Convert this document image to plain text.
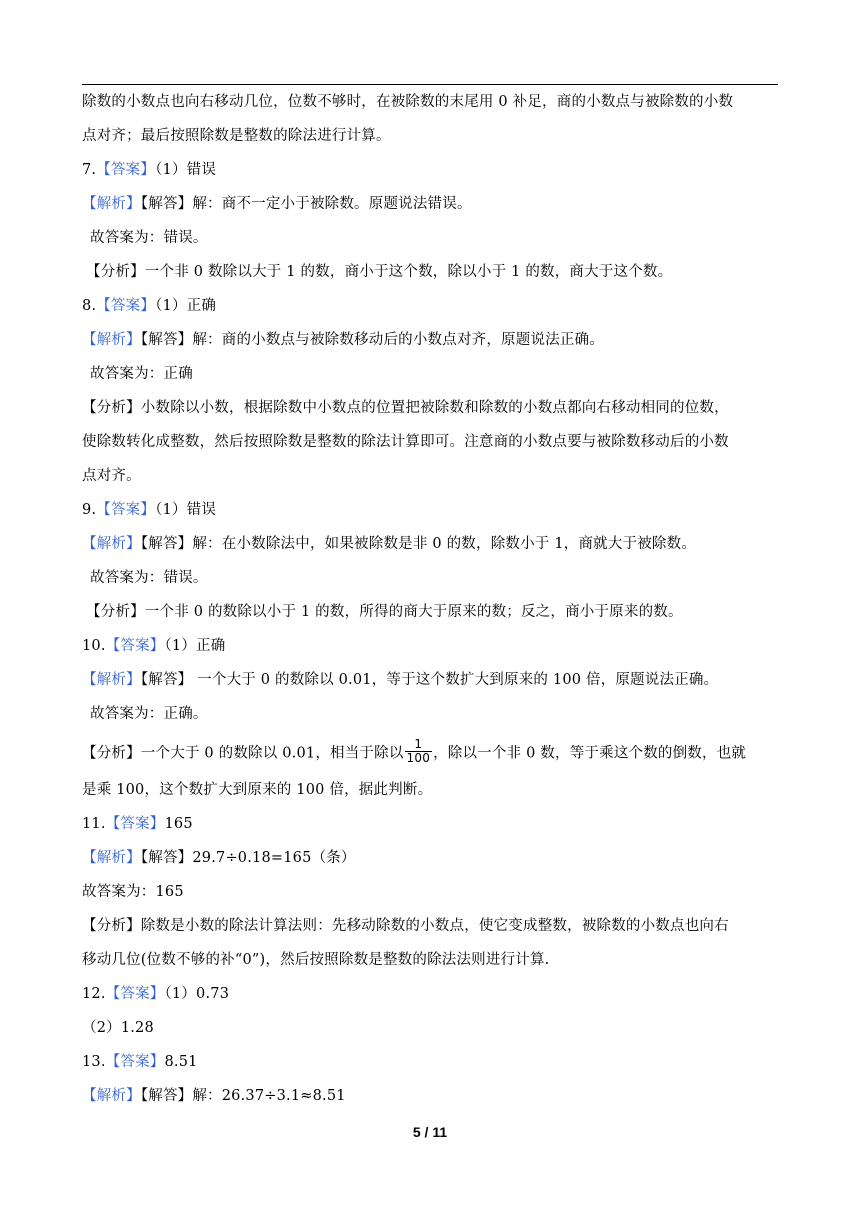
除数的小数点也向右移动几位，位数不够时，在被除数的末尾用 0 补足，商的小数点与被除数的小数
点对齐；最后按照除数是整数的除法进行计算。
7.【答案】（1）错误
【解析】【解答】解：商不一定小于被除数。原题说法错误。
故答案为：错误。
【分析】一个非 0 数除以大于 1 的数，商小于这个数，除以小于 1 的数，商大于这个数。
8.【答案】（1）正确
【解析】【解答】解：商的小数点与被除数移动后的小数点对齐，原题说法正确。
故答案为：正确
【分析】小数除以小数，根据除数中小数点的位置把被除数和除数的小数点都向右移动相同的位数，
使除数转化成整数，然后按照除数是整数的除法计算即可。注意商的小数点要与被除数移动后的小数
点对齐。
9.【答案】（1）错误
【解析】【解答】解：在小数除法中，如果被除数是非 0 的数，除数小于 1，商就大于被除数。
故答案为：错误。
【分析】一个非 0 的数除以小于 1 的数，所得的商大于原来的数；反之，商小于原来的数。
10.【答案】（1）正确
【解析】【解答】 一个大于 0 的数除以 0.01，等于这个数扩大到原来的 100 倍，原题说法正确。
故答案为：正确。
【分析】一个大于 0 的数除以 0.01，相当于除以 $\frac{1}{100}$ ，除以一个非 0 数，等于乘这个数的倒数，也就
是乘 100，这个数扩大到原来的 100 倍，据此判断。
11.【答案】165
【解析】【解答】29.7÷0.18=165（条）
故答案为：165
【分析】除数是小数的除法计算法则：先移动除数的小数点，使它变成整数，被除数的小数点也向右
移动几位(位数不够的补“0”)，然后按照除数是整数的除法法则进行计算.
12.【答案】（1）0.73
（2）1.28
13.【答案】8.51
【解析】【解答】解：26.37÷3.1≈8.51
5 / 11
